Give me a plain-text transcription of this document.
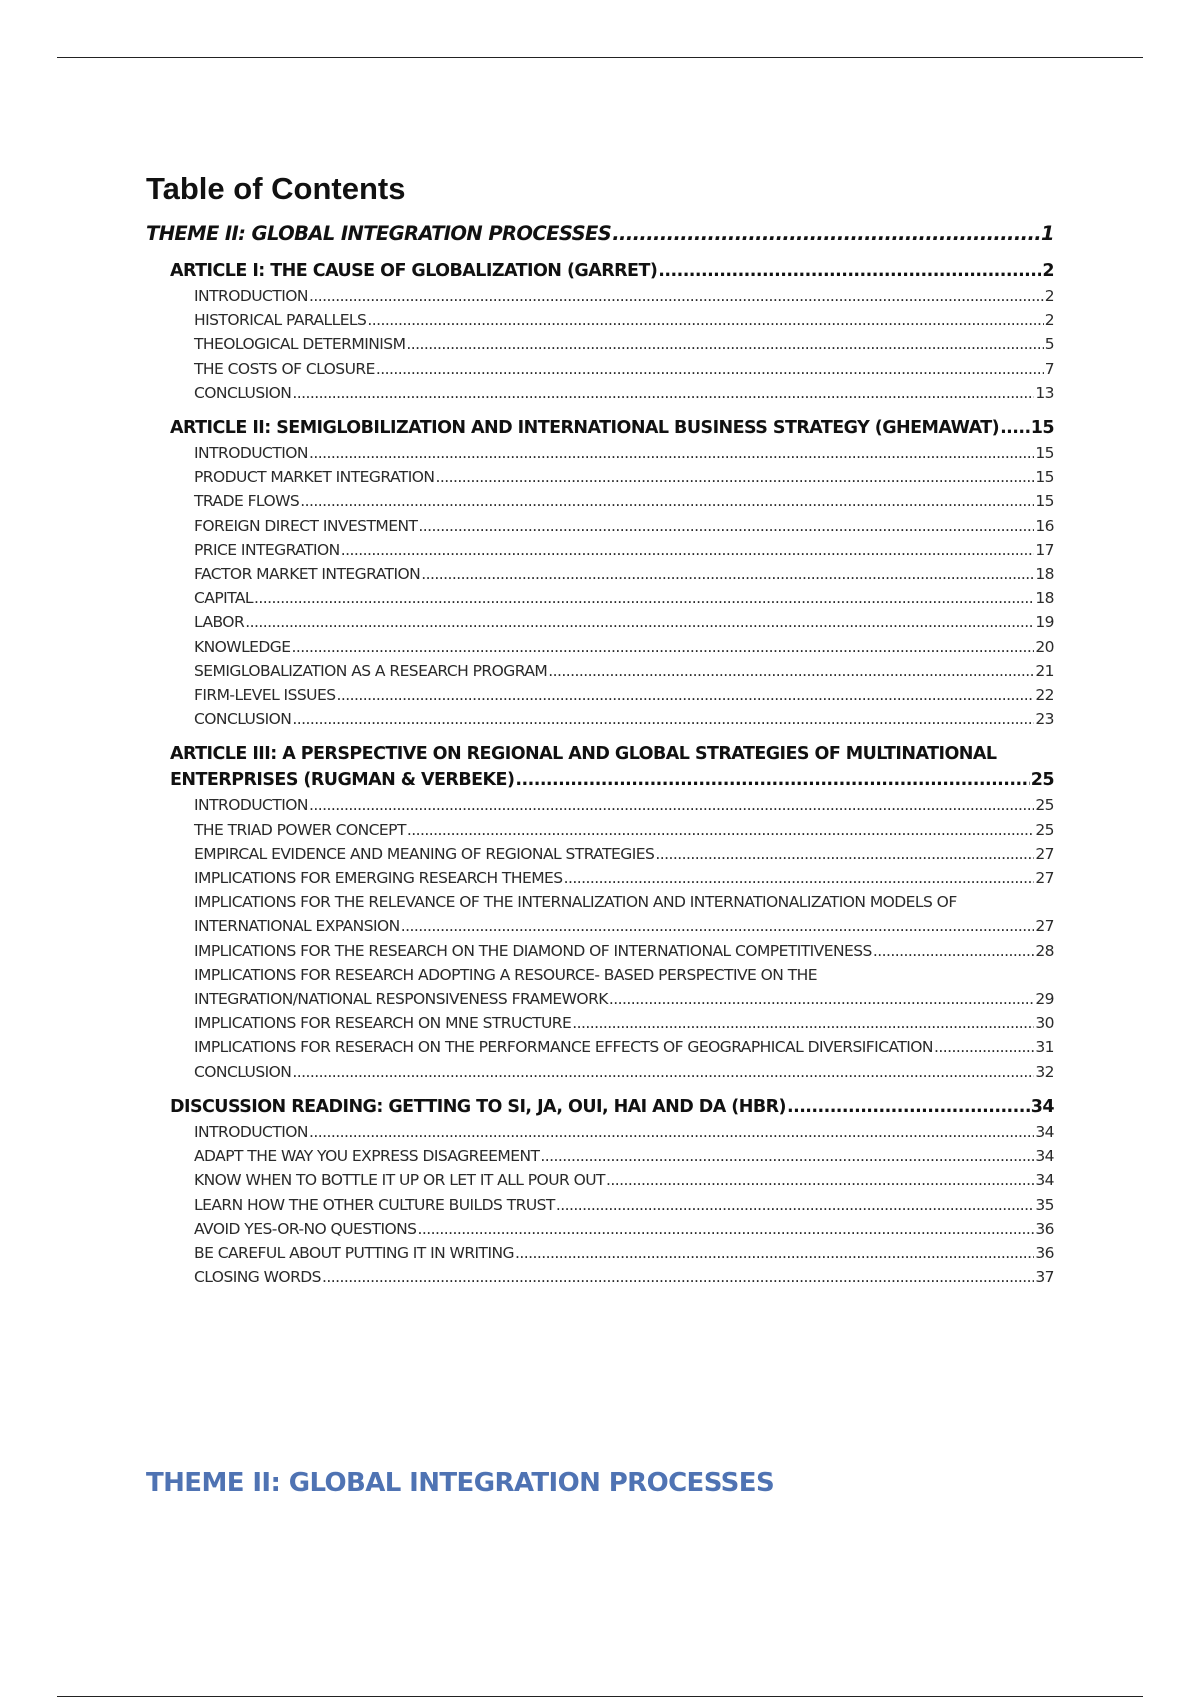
Table of Contents
THEME II: GLOBAL INTEGRATION PROCESSES .....	1
ARTICLE I: THE CAUSE OF GLOBALIZATION (GARRET) .....	2
INTRODUCTION .....	2
HISTORICAL PARALLELS .....	2
THEOLOGICAL DETERMINISM .....	5
THE COSTS OF CLOSURE .....	7
CONCLUSION .....	13
ARTICLE II: SEMIGLOBILIZATION AND INTERNATIONAL BUSINESS STRATEGY (GHEMAWAT) ..... 15
INTRODUCTION .....	15
PRODUCT MARKET INTEGRATION .....	15
TRADE FLOWS .....	15
FOREIGN DIRECT INVESTMENT .....	16
PRICE INTEGRATION .....	17
FACTOR MARKET INTEGRATION .....	18
CAPITAL .....	18
LABOR .....	19
KNOWLEDGE .....	20
SEMIGLOBALIZATION AS A RESEARCH PROGRAM .....	21
FIRM-LEVEL ISSUES .....	22
CONCLUSION .....	23
ARTICLE III: A PERSPECTIVE ON REGIONAL AND GLOBAL STRATEGIES OF MULTINATIONAL
ENTERPRISES (RUGMAN & VERBEKE) .....	25
INTRODUCTION .....	25
THE TRIAD POWER CONCEPT .....	25
EMPIRCAL EVIDENCE AND MEANING OF REGIONAL STRATEGIES .....	27
IMPLICATIONS FOR EMERGING RESEARCH THEMES .....	27
IMPLICATIONS FOR THE RELEVANCE OF THE INTERNALIZATION AND INTERNATIONALIZATION MODELS OF
INTERNATIONAL EXPANSION .....	27
IMPLICATIONS FOR THE RESEARCH ON THE DIAMOND OF INTERNATIONAL COMPETITIVENESS .....	28
IMPLICATIONS FOR RESEARCH ADOPTING A RESOURCE- BASED PERSPECTIVE ON THE
INTEGRATION/NATIONAL RESPONSIVENESS FRAMEWORK .....	29
IMPLICATIONS FOR RESEARCH ON MNE STRUCTURE .....	30
IMPLICATIONS FOR RESERACH ON THE PERFORMANCE EFFECTS OF GEOGRAPHICAL DIVERSIFICATION .....	31
CONCLUSION .....	32
DISCUSSION READING: GETTING TO SI, JA, OUI, HAI AND DA (HBR) .....	34
INTRODUCTION .....	34
ADAPT THE WAY YOU EXPRESS DISAGREEMENT .....	34
KNOW WHEN TO BOTTLE IT UP OR LET IT ALL POUR OUT .....	34
LEARN HOW THE OTHER CULTURE BUILDS TRUST .....	35
AVOID YES-OR-NO QUESTIONS .....	36
BE CAREFUL ABOUT PUTTING IT IN WRITING .....	36
CLOSING WORDS .....	37
THEME II: GLOBAL INTEGRATION PROCESSES
